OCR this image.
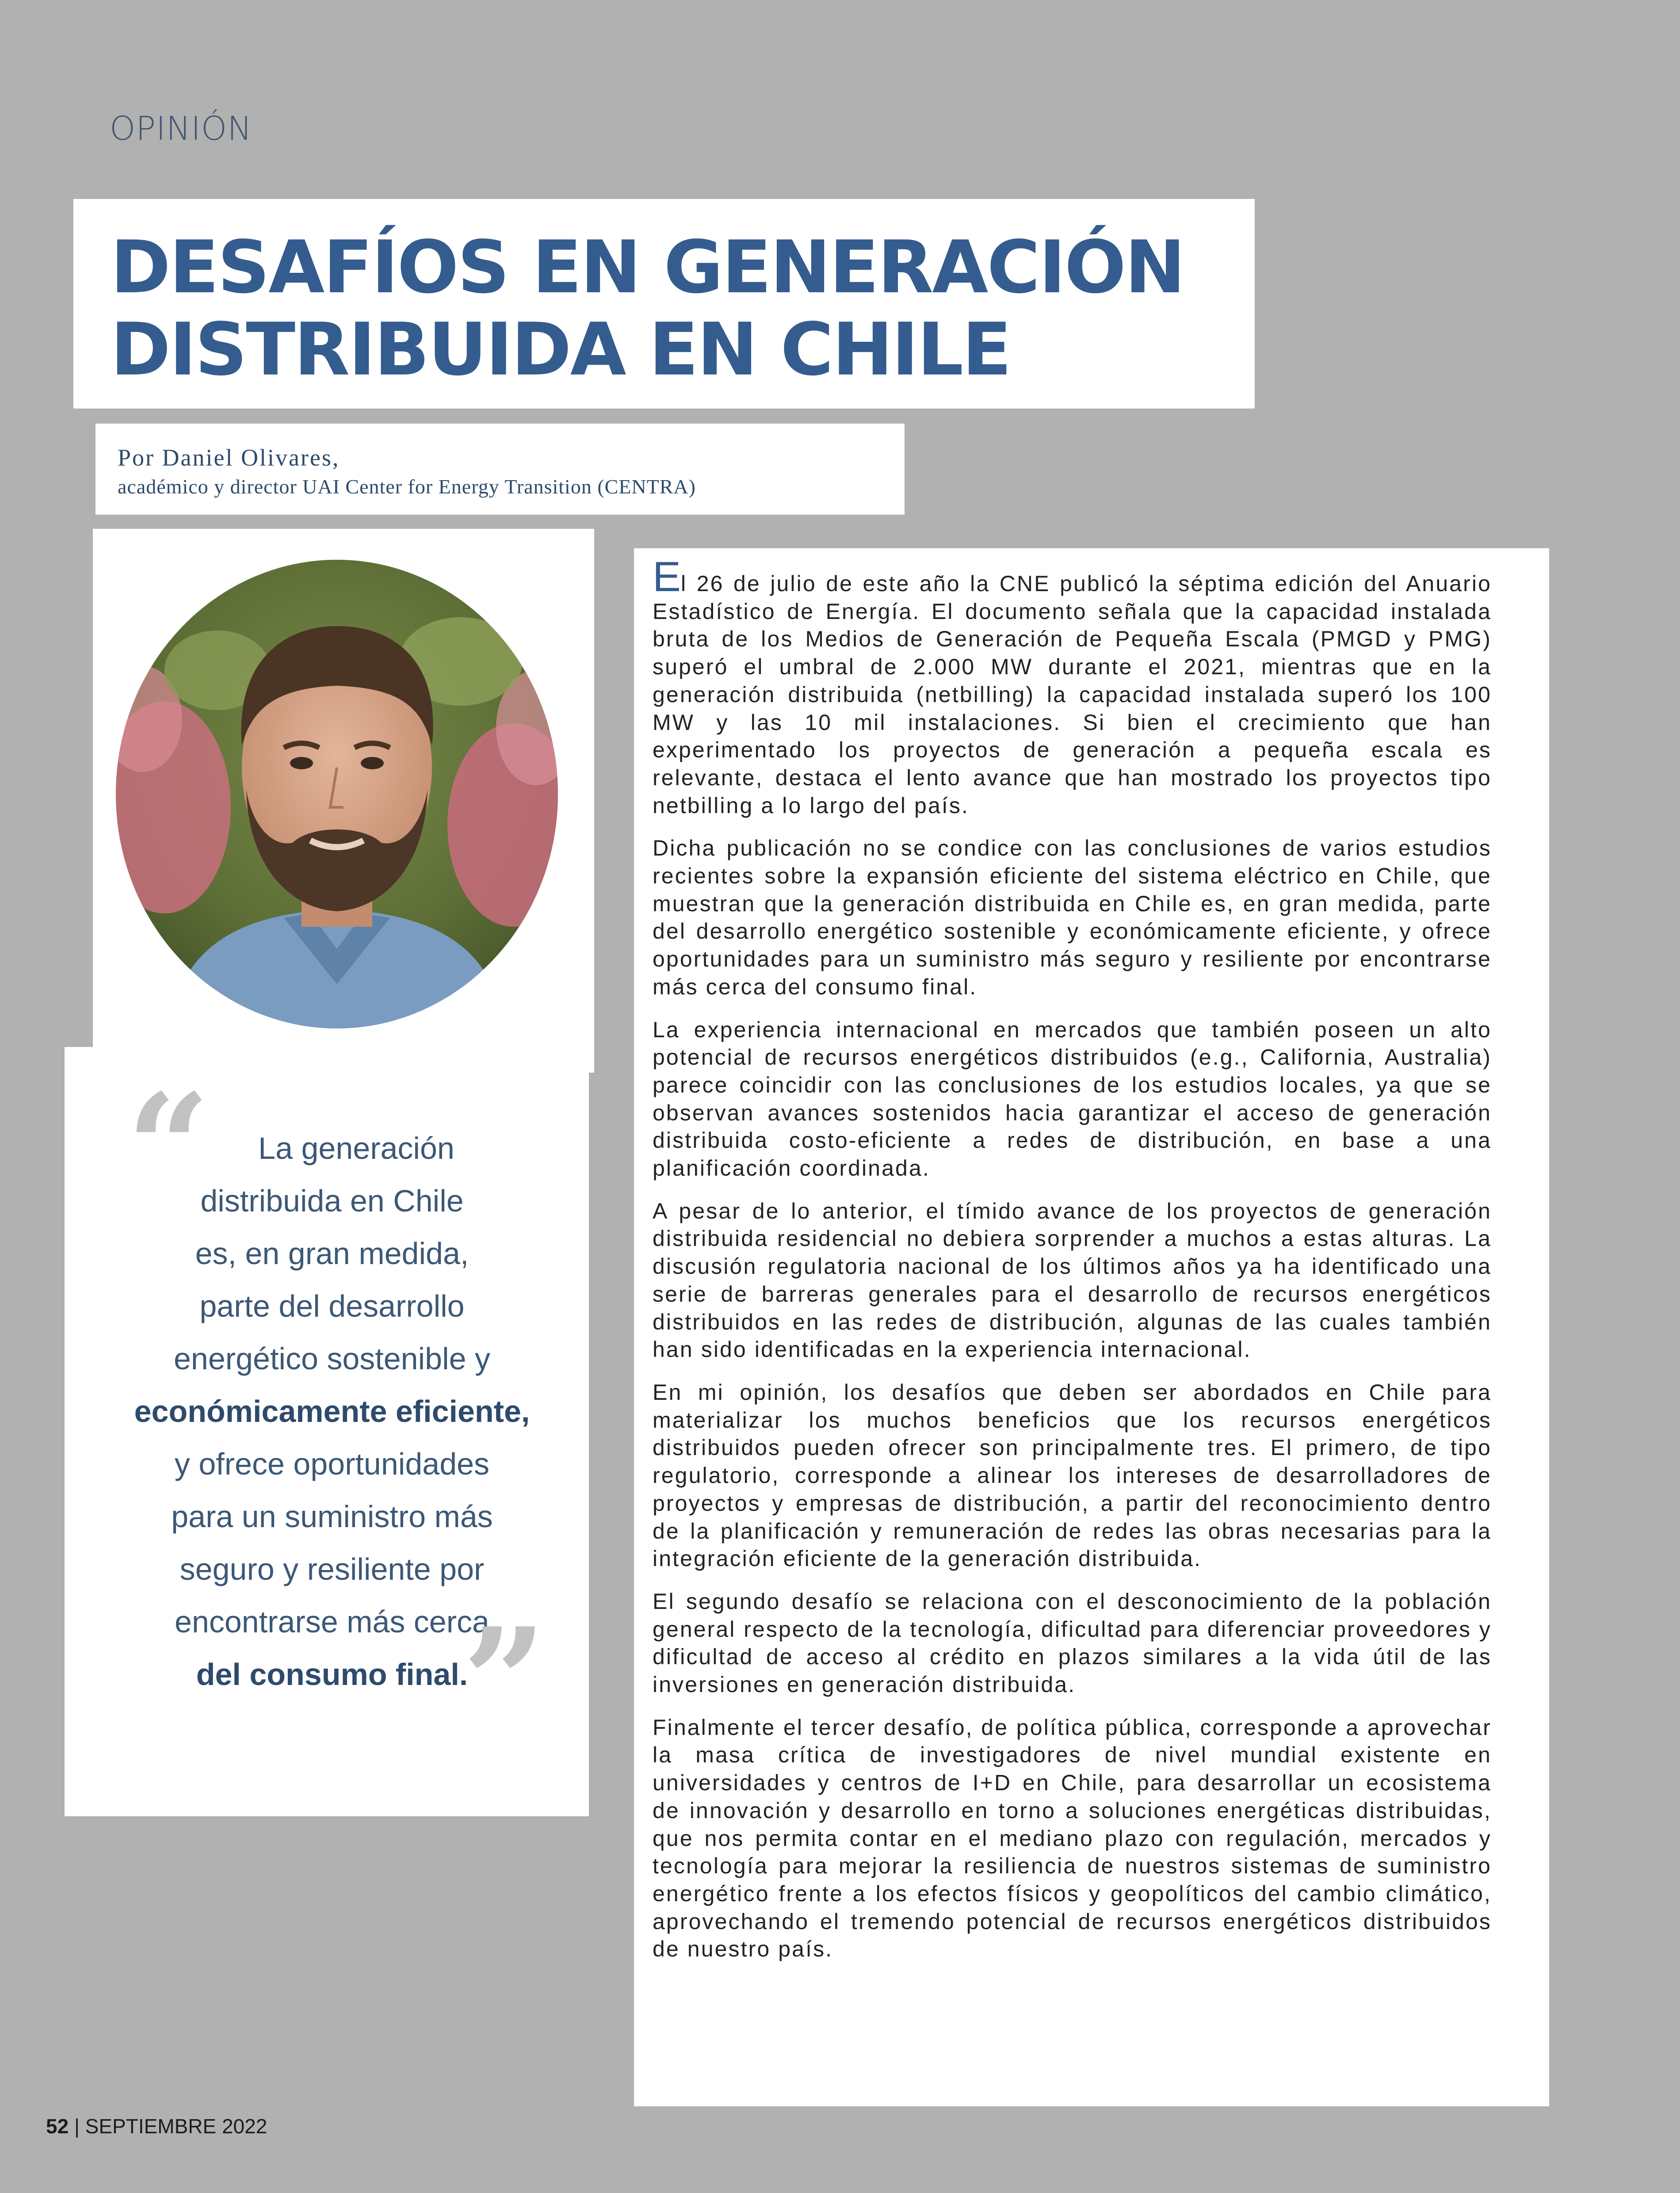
OPINIÓN
DESAFÍOS EN GENERACIÓN
DISTRIBUIDA EN CHILE
Por Daniel Olivares,
académico y director UAI Center for Energy Transition (CENTRA)
“	La generación
distribuida en Chile
es, en gran medida,
parte del desarrollo
energético sostenible y
económicamente eficiente,
y ofrece oportunidades
para un suministro más
seguro y resiliente por
encontrarse más cerca
del consumo final.
”

El 26 de julio de este año la CNE publicó la séptima edición del Anuario Estadístico de Energía. El documento señala que la capacidad instalada bruta de los Medios de Generación de Pequeña Escala (PMGD y PMG) superó el umbral de 2.000 MW durante el 2021, mientras que en la generación distribuida (netbilling) la capacidad instalada superó los 100 MW y las 10 mil instalaciones. Si bien el crecimiento que han experimentado los proyectos de generación a pequeña escala es relevante, destaca el lento avance que han mostrado los proyectos tipo netbilling a lo largo del país.

Dicha publicación no se condice con las conclusiones de varios estudios recientes sobre la expansión eficiente del sistema eléctrico en Chile, que muestran que la generación distribuida en Chile es, en gran medida, parte del desarrollo energético sostenible y económicamente eficiente, y ofrece oportunidades para un suministro más seguro y resiliente por encontrarse más cerca del consumo final.

La experiencia internacional en mercados que también poseen un alto potencial de recursos energéticos distribuidos (e.g., California, Australia) parece coincidir con las conclusiones de los estudios locales, ya que se observan avances sostenidos hacia garantizar el acceso de generación distribuida costo-eficiente a redes de distribución, en base a una planificación coordinada.

A pesar de lo anterior, el tímido avance de los proyectos de generación distribuida residencial no debiera sorprender a muchos a estas alturas. La discusión regulatoria nacional de los últimos años ya ha identificado una serie de barreras generales para el desarrollo de recursos energéticos distribuidos en las redes de distribución, algunas de las cuales también han sido identificadas en la experiencia internacional.

En mi opinión, los desafíos que deben ser abordados en Chile para materializar los muchos beneficios que los recursos energéticos distribuidos pueden ofrecer son principalmente tres. El primero, de tipo regulatorio, corresponde a alinear los intereses de desarrolladores de proyectos y empresas de distribución, a partir del reconocimiento dentro de la planificación y remuneración de redes las obras necesarias para la integración eficiente de la generación distribuida.

El segundo desafío se relaciona con el desconocimiento de la población general respecto de la tecnología, dificultad para diferenciar proveedores y dificultad de acceso al crédito en plazos similares a la vida útil de las inversiones en generación distribuida.

Finalmente el tercer desafío, de política pública, corresponde a aprovechar la masa crítica de investigadores de nivel mundial existente en universidades y centros de I+D en Chile, para desarrollar un ecosistema de innovación y desarrollo en torno a soluciones energéticas distribuidas, que nos permita contar en el mediano plazo con regulación, mercados y tecnología para mejorar la resiliencia de nuestros sistemas de suministro energético frente a los efectos físicos y geopolíticos del cambio climático, aprovechando el tremendo potencial de recursos energéticos distribuidos de nuestro país.

52 | SEPTIEMBRE 2022
